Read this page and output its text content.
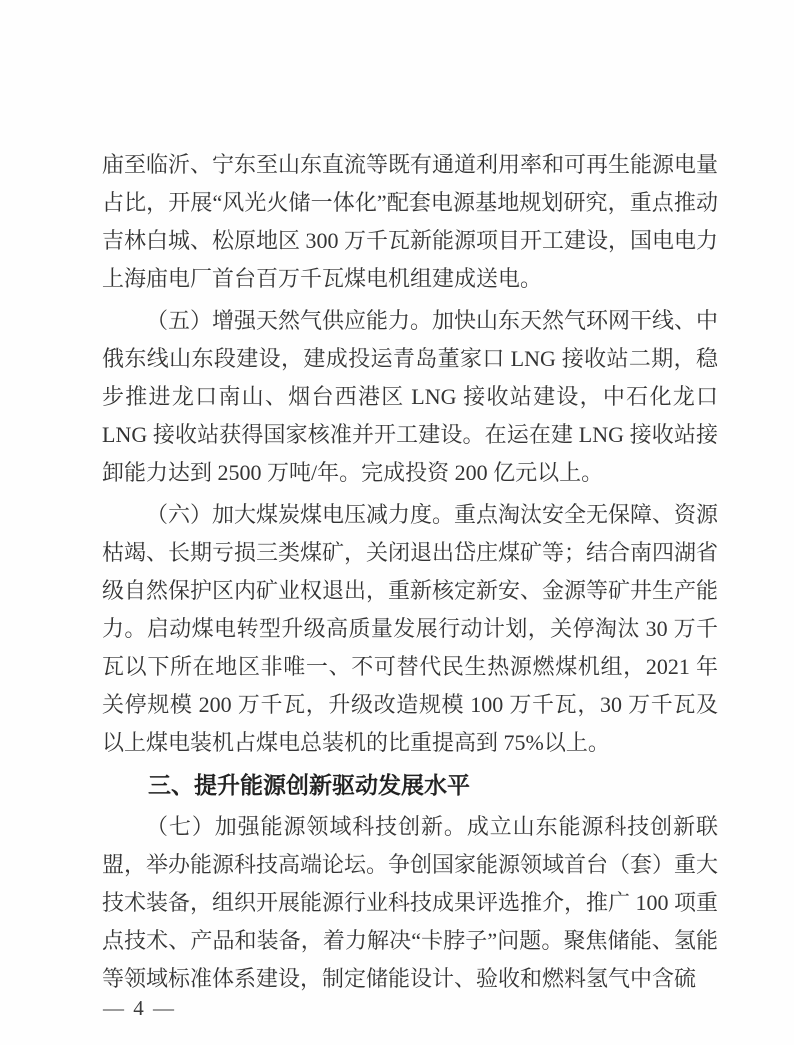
庙至临沂、宁东至山东直流等既有通道利用率和可再生能源电量占比，开展“风光火储一体化”配套电源基地规划研究，重点推动吉林白城、松原地区 300 万千瓦新能源项目开工建设，国电电力上海庙电厂首台百万千瓦煤电机组建成送电。

（五）增强天然气供应能力。加快山东天然气环网干线、中俄东线山东段建设，建成投运青岛董家口 LNG 接收站二期，稳步推进龙口南山、烟台西港区 LNG 接收站建设，中石化龙口 LNG 接收站获得国家核准并开工建设。在运在建 LNG 接收站接卸能力达到 2500 万吨/年。完成投资 200 亿元以上。

（六）加大煤炭煤电压减力度。重点淘汰安全无保障、资源枯竭、长期亏损三类煤矿，关闭退出岱庄煤矿等；结合南四湖省级自然保护区内矿业权退出，重新核定新安、金源等矿井生产能力。启动煤电转型升级高质量发展行动计划，关停淘汰 30 万千瓦以下所在地区非唯一、不可替代民生热源燃煤机组，2021 年关停规模 200 万千瓦，升级改造规模 100 万千瓦，30 万千瓦及以上煤电装机占煤电总装机的比重提高到 75%以上。

三、提升能源创新驱动发展水平

（七）加强能源领域科技创新。成立山东能源科技创新联盟，举办能源科技高端论坛。争创国家能源领域首台（套）重大技术装备，组织开展能源行业科技成果评选推介，推广 100 项重点技术、产品和装备，着力解决“卡脖子”问题。聚焦储能、氢能等领域标准体系建设，制定储能设计、验收和燃料氢气中含硫

— 4 —
